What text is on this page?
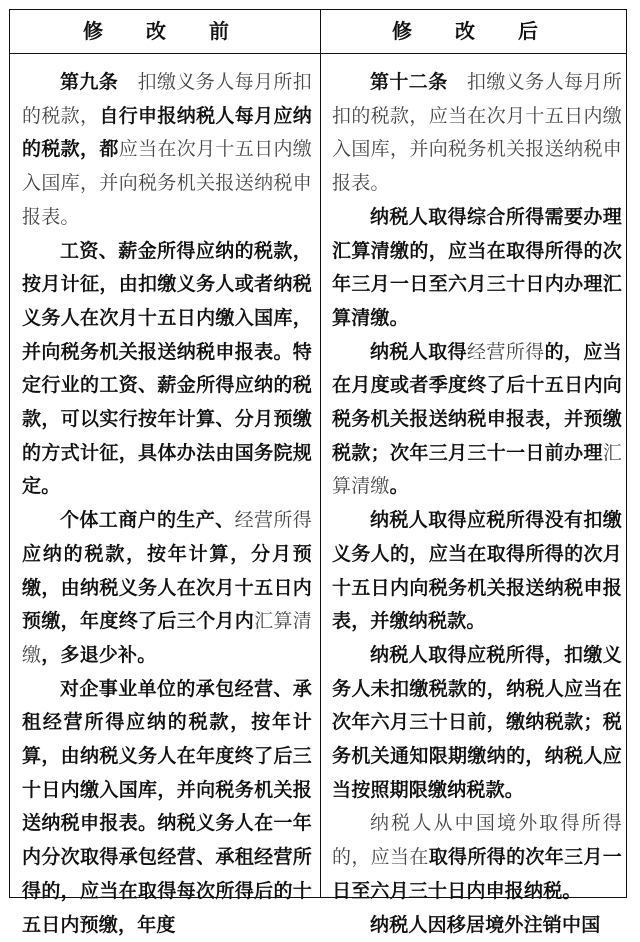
修 改 前	修 改 后

第九条　扣缴义务人每月所扣的税款，自行申报纳税人每月应纳的税款，都应当在次月十五日内缴入国库，并向税务机关报送纳税申报表。

工资、薪金所得应纳的税款，按月计征，由扣缴义务人或者纳税义务人在次月十五日内缴入国库，并向税务机关报送纳税申报表。特定行业的工资、薪金所得应纳的税款，可以实行按年计算、分月预缴的方式计征，具体办法由国务院规定。

个体工商户的生产、经营所得应纳的税款，按年计算，分月预缴，由纳税义务人在次月十五日内预缴，年度终了后三个月内汇算清缴，多退少补。

对企事业单位的承包经营、承租经营所得应纳的税款，按年计算，由纳税义务人在年度终了后三十日内缴入国库，并向税务机关报送纳税申报表。纳税义务人在一年内分次取得承包经营、承租经营所得的，应当在取得每次所得后的十五日内预缴，年度

第十二条　扣缴义务人每月所扣的税款，应当在次月十五日内缴入国库，并向税务机关报送纳税申报表。

纳税人取得综合所得需要办理汇算清缴的，应当在取得所得的次年三月一日至六月三十日内办理汇算清缴。

纳税人取得经营所得的，应当在月度或者季度终了后十五日内向税务机关报送纳税申报表，并预缴税款；次年三月三十一日前办理汇算清缴。

纳税人取得应税所得没有扣缴义务人的，应当在取得所得的次月十五日内向税务机关报送纳税申报表，并缴纳税款。

纳税人取得应税所得，扣缴义务人未扣缴税款的，纳税人应当在次年六月三十日前，缴纳税款；税务机关通知限期缴纳的，纳税人应当按照期限缴纳税款。

纳税人从中国境外取得所得的，应当在取得所得的次年三月一日至六月三十日内申报纳税。

纳税人因移居境外注销中国
